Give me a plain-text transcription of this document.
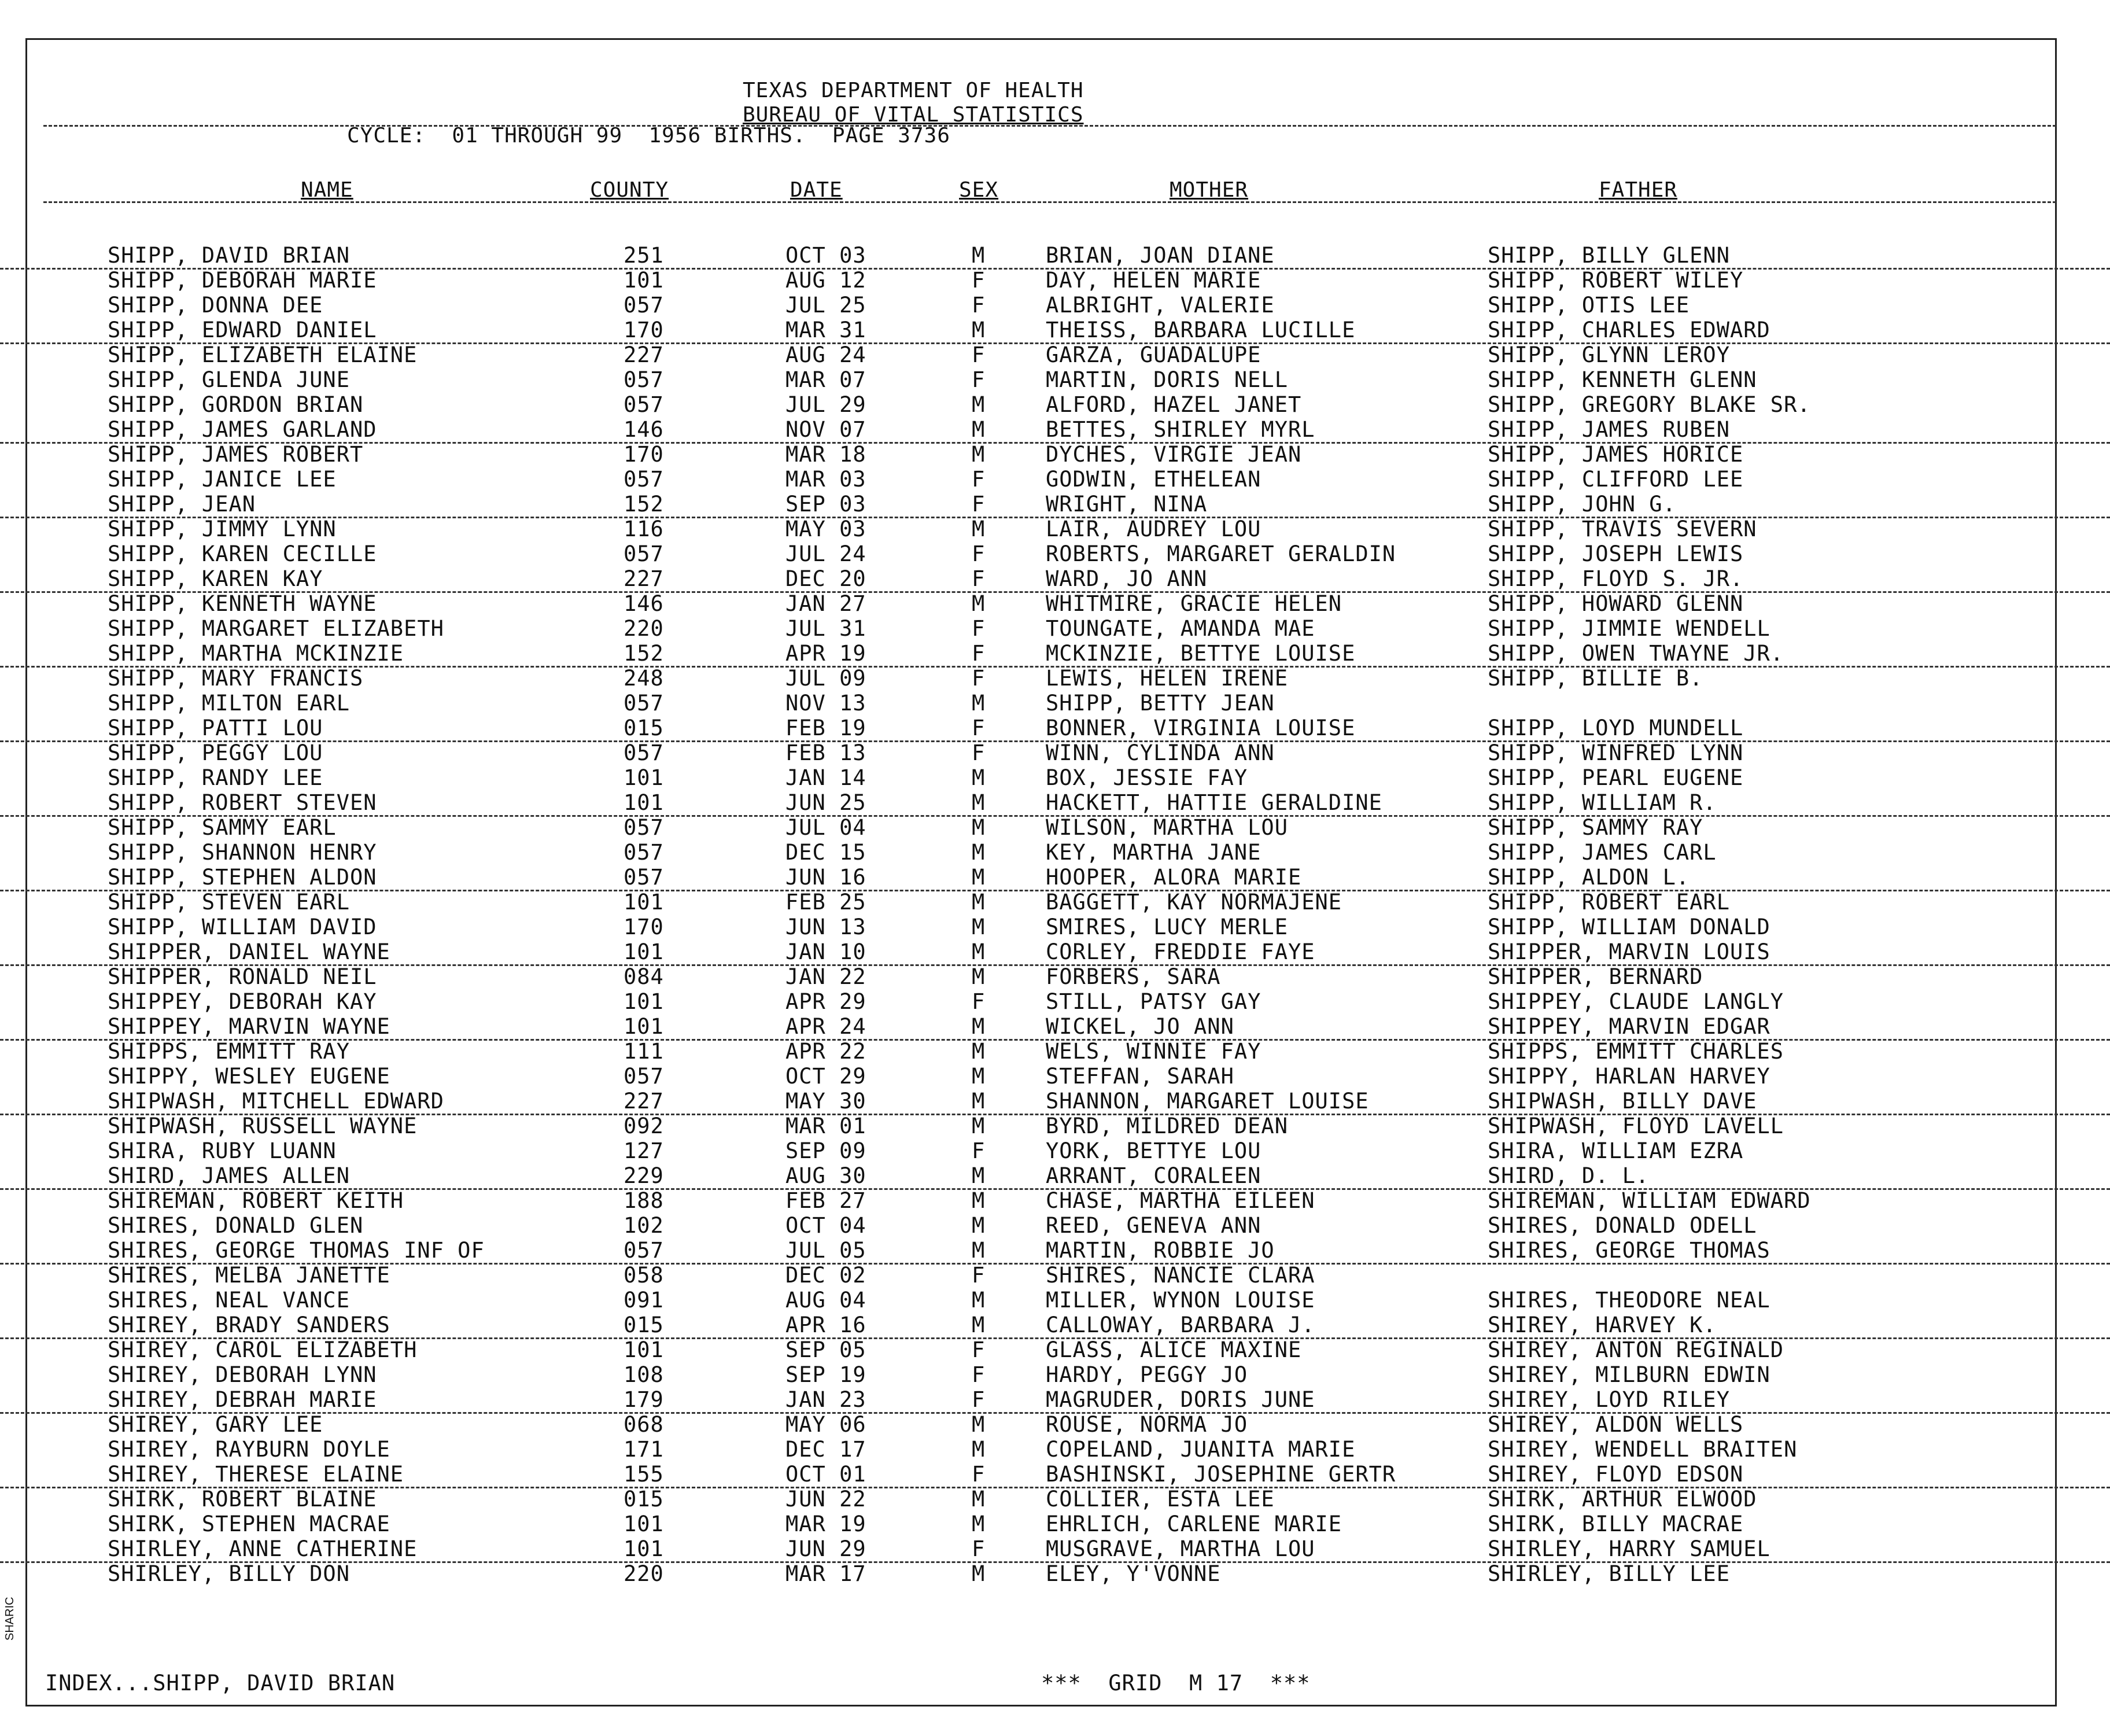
TEXAS DEPARTMENT OF HEALTH
BUREAU OF VITAL STATISTICS
CYCLE:  01 THROUGH 99  1956 BIRTHS.  PAGE 3736
NAME	COUNTY	DATE	SEX	MOTHER	FATHER
SHIPP, DAVID BRIAN	251	OCT 03	M	BRIAN, JOAN DIANE	SHIPP, BILLY GLENN
SHIPP, DEBORAH MARIE	101	AUG 12	F	DAY, HELEN MARIE	SHIPP, ROBERT WILEY
SHIPP, DONNA DEE	057	JUL 25	F	ALBRIGHT, VALERIE	SHIPP, OTIS LEE
SHIPP, EDWARD DANIEL	170	MAR 31	M	THEISS, BARBARA LUCILLE	SHIPP, CHARLES EDWARD
SHIPP, ELIZABETH ELAINE	227	AUG 24	F	GARZA, GUADALUPE	SHIPP, GLYNN LEROY
SHIPP, GLENDA JUNE	057	MAR 07	F	MARTIN, DORIS NELL	SHIPP, KENNETH GLENN
SHIPP, GORDON BRIAN	057	JUL 29	M	ALFORD, HAZEL JANET	SHIPP, GREGORY BLAKE SR.
SHIPP, JAMES GARLAND	146	NOV 07	M	BETTES, SHIRLEY MYRL	SHIPP, JAMES RUBEN
SHIPP, JAMES ROBERT	170	MAR 18	M	DYCHES, VIRGIE JEAN	SHIPP, JAMES HORICE
SHIPP, JANICE LEE	057	MAR 03	F	GODWIN, ETHELEAN	SHIPP, CLIFFORD LEE
SHIPP, JEAN	152	SEP 03	F	WRIGHT, NINA	SHIPP, JOHN G.
SHIPP, JIMMY LYNN	116	MAY 03	M	LAIR, AUDREY LOU	SHIPP, TRAVIS SEVERN
SHIPP, KAREN CECILLE	057	JUL 24	F	ROBERTS, MARGARET GERALDIN	SHIPP, JOSEPH LEWIS
SHIPP, KAREN KAY	227	DEC 20	F	WARD, JO ANN	SHIPP, FLOYD S. JR.
SHIPP, KENNETH WAYNE	146	JAN 27	M	WHITMIRE, GRACIE HELEN	SHIPP, HOWARD GLENN
SHIPP, MARGARET ELIZABETH	220	JUL 31	F	TOUNGATE, AMANDA MAE	SHIPP, JIMMIE WENDELL
SHIPP, MARTHA MCKINZIE	152	APR 19	F	MCKINZIE, BETTYE LOUISE	SHIPP, OWEN TWAYNE JR.
SHIPP, MARY FRANCIS	248	JUL 09	F	LEWIS, HELEN IRENE	SHIPP, BILLIE B.
SHIPP, MILTON EARL	057	NOV 13	M	SHIPP, BETTY JEAN
SHIPP, PATTI LOU	015	FEB 19	F	BONNER, VIRGINIA LOUISE	SHIPP, LOYD MUNDELL
SHIPP, PEGGY LOU	057	FEB 13	F	WINN, CYLINDA ANN	SHIPP, WINFRED LYNN
SHIPP, RANDY LEE	101	JAN 14	M	BOX, JESSIE FAY	SHIPP, PEARL EUGENE
SHIPP, ROBERT STEVEN	101	JUN 25	M	HACKETT, HATTIE GERALDINE	SHIPP, WILLIAM R.
SHIPP, SAMMY EARL	057	JUL 04	M	WILSON, MARTHA LOU	SHIPP, SAMMY RAY
SHIPP, SHANNON HENRY	057	DEC 15	M	KEY, MARTHA JANE	SHIPP, JAMES CARL
SHIPP, STEPHEN ALDON	057	JUN 16	M	HOOPER, ALORA MARIE	SHIPP, ALDON L.
SHIPP, STEVEN EARL	101	FEB 25	M	BAGGETT, KAY NORMAJENE	SHIPP, ROBERT EARL
SHIPP, WILLIAM DAVID	170	JUN 13	M	SMIRES, LUCY MERLE	SHIPP, WILLIAM DONALD
SHIPPER, DANIEL WAYNE	101	JAN 10	M	CORLEY, FREDDIE FAYE	SHIPPER, MARVIN LOUIS
SHIPPER, RONALD NEIL	084	JAN 22	M	FORBERS, SARA	SHIPPER, BERNARD
SHIPPEY, DEBORAH KAY	101	APR 29	F	STILL, PATSY GAY	SHIPPEY, CLAUDE LANGLY
SHIPPEY, MARVIN WAYNE	101	APR 24	M	WICKEL, JO ANN	SHIPPEY, MARVIN EDGAR
SHIPPS, EMMITT RAY	111	APR 22	M	WELS, WINNIE FAY	SHIPPS, EMMITT CHARLES
SHIPPY, WESLEY EUGENE	057	OCT 29	M	STEFFAN, SARAH	SHIPPY, HARLAN HARVEY
SHIPWASH, MITCHELL EDWARD	227	MAY 30	M	SHANNON, MARGARET LOUISE	SHIPWASH, BILLY DAVE
SHIPWASH, RUSSELL WAYNE	092	MAR 01	M	BYRD, MILDRED DEAN	SHIPWASH, FLOYD LAVELL
SHIRA, RUBY LUANN	127	SEP 09	F	YORK, BETTYE LOU	SHIRA, WILLIAM EZRA
SHIRD, JAMES ALLEN	229	AUG 30	M	ARRANT, CORALEEN	SHIRD, D. L.
SHIREMAN, ROBERT KEITH	188	FEB 27	M	CHASE, MARTHA EILEEN	SHIREMAN, WILLIAM EDWARD
SHIRES, DONALD GLEN	102	OCT 04	M	REED, GENEVA ANN	SHIRES, DONALD ODELL
SHIRES, GEORGE THOMAS INF OF	057	JUL 05	M	MARTIN, ROBBIE JO	SHIRES, GEORGE THOMAS
SHIRES, MELBA JANETTE	058	DEC 02	F	SHIRES, NANCIE CLARA
SHIRES, NEAL VANCE	091	AUG 04	M	MILLER, WYNON LOUISE	SHIRES, THEODORE NEAL
SHIREY, BRADY SANDERS	015	APR 16	M	CALLOWAY, BARBARA J.	SHIREY, HARVEY K.
SHIREY, CAROL ELIZABETH	101	SEP 05	F	GLASS, ALICE MAXINE	SHIREY, ANTON REGINALD
SHIREY, DEBORAH LYNN	108	SEP 19	F	HARDY, PEGGY JO	SHIREY, MILBURN EDWIN
SHIREY, DEBRAH MARIE	179	JAN 23	F	MAGRUDER, DORIS JUNE	SHIREY, LOYD RILEY
SHIREY, GARY LEE	068	MAY 06	M	ROUSE, NORMA JO	SHIREY, ALDON WELLS
SHIREY, RAYBURN DOYLE	171	DEC 17	M	COPELAND, JUANITA MARIE	SHIREY, WENDELL BRAITEN
SHIREY, THERESE ELAINE	155	OCT 01	F	BASHINSKI, JOSEPHINE GERTR	SHIREY, FLOYD EDSON
SHIRK, ROBERT BLAINE	015	JUN 22	M	COLLIER, ESTA LEE	SHIRK, ARTHUR ELWOOD
SHIRK, STEPHEN MACRAE	101	MAR 19	M	EHRLICH, CARLENE MARIE	SHIRK, BILLY MACRAE
SHIRLEY, ANNE CATHERINE	101	JUN 29	F	MUSGRAVE, MARTHA LOU	SHIRLEY, HARRY SAMUEL
SHIRLEY, BILLY DON	220	MAR 17	M	ELEY, Y'VONNE	SHIRLEY, BILLY LEE
INDEX...SHIPP, DAVID BRIAN	***  GRID  M 17  ***
SHARIC
